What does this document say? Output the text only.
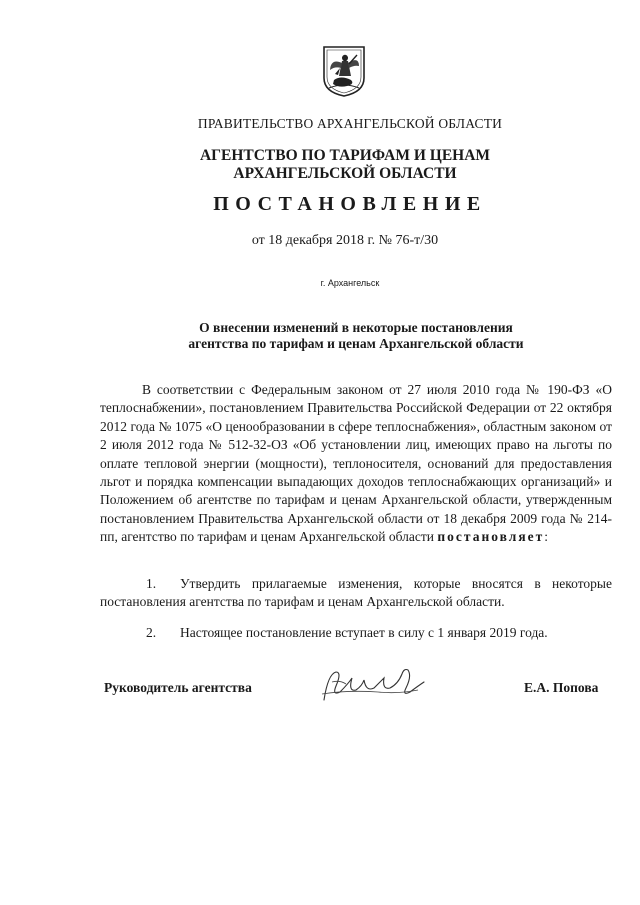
ПРАВИТЕЛЬСТВО АРХАНГЕЛЬСКОЙ ОБЛАСТИ
АГЕНТСТВО ПО ТАРИФАМ И ЦЕНАМ
АРХАНГЕЛЬСКОЙ ОБЛАСТИ
ПОСТАНОВЛЕНИЕ
от 18 декабря 2018 г. № 76-т/30
г. Архангельск
О внесении изменений в некоторые постановления
агентства по тарифам и ценам Архангельской области

В соответствии с Федеральным законом от 27 июля 2010 года № 190-ФЗ «О теплоснабжении», постановлением Правительства Российской Федерации от 22 октября 2012 года № 1075 «О ценообразовании в сфере теплоснабжения», областным законом от 2 июля 2012 года № 512-32-ОЗ «Об установлении лиц, имеющих право на льготы по оплате тепловой энергии (мощности), теплоносителя, оснований для предоставления льгот и порядка компенсации выпадающих доходов теплоснабжающих организаций» и Положением об агентстве по тарифам и ценам Архангельской области, утвержденным постановлением Правительства Архангельской области от 18 декабря 2009 года № 214-пп, агентство по тарифам и ценам Архангельской области постановляет:

1. Утвердить прилагаемые изменения, которые вносятся в некоторые постановления агентства по тарифам и ценам Архангельской области.

2. Настоящее постановление вступает в силу с 1 января 2019 года.

Руководитель агентства	Е.А. Попова
